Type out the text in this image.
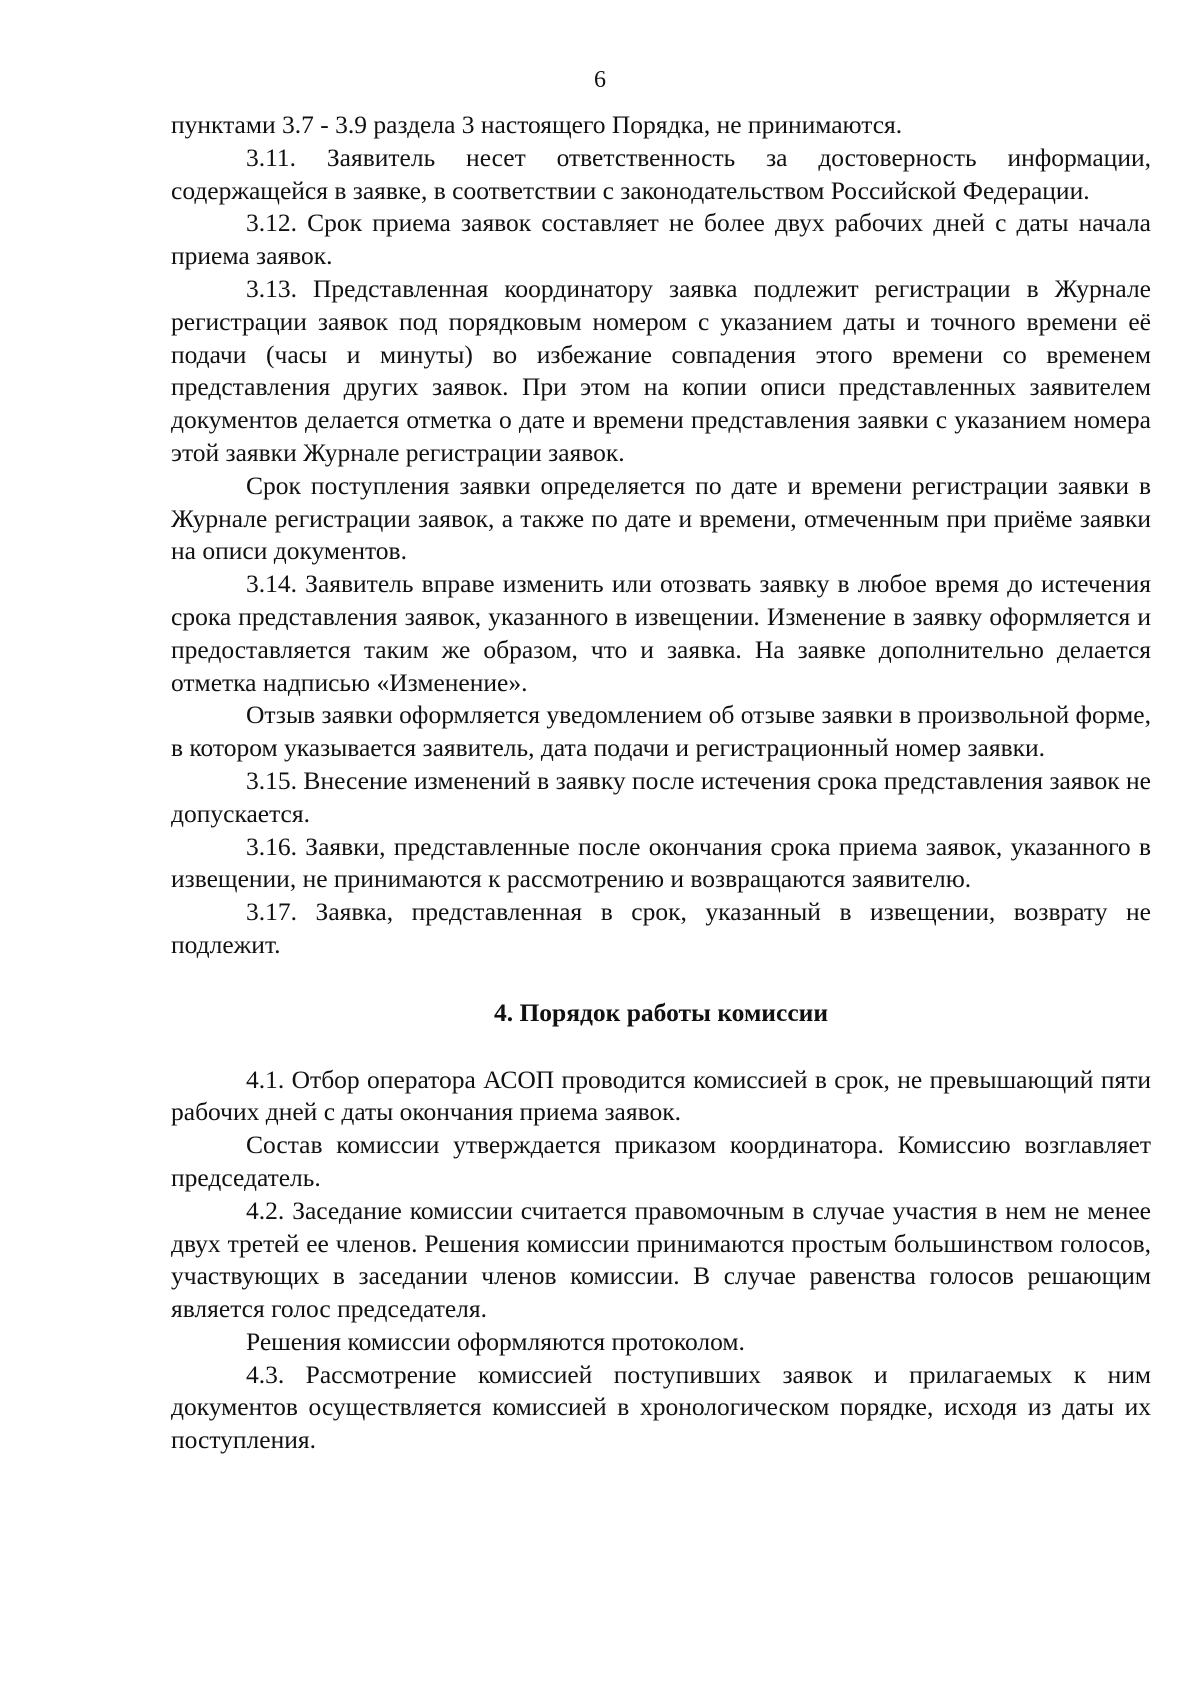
6

пунктами 3.7 - 3.9 раздела 3 настоящего Порядка, не принимаются.

3.11. Заявитель несет ответственность за достоверность информации, содержащейся в заявке, в соответствии с законодательством Российской Федерации.

3.12. Срок приема заявок составляет не более двух рабочих дней с даты начала приема заявок.

3.13. Представленная координатору заявка подлежит регистрации в Журнале регистрации заявок под порядковым номером с указанием даты и точного времени её подачи (часы и минуты) во избежание совпадения этого времени со временем представления других заявок. При этом на копии описи представленных заявителем документов делается отметка о дате и времени представления заявки с указанием номера этой заявки Журнале регистрации заявок.

Срок поступления заявки определяется по дате и времени регистрации заявки в Журнале регистрации заявок, а также по дате и времени, отмеченным при приёме заявки на описи документов.

3.14. Заявитель вправе изменить или отозвать заявку в любое время до истечения срока представления заявок, указанного в извещении. Изменение в заявку оформляется и предоставляется таким же образом, что и заявка. На заявке дополнительно делается отметка надписью «Изменение».

Отзыв заявки оформляется уведомлением об отзыве заявки в произвольной форме, в котором указывается заявитель, дата подачи и регистрационный номер заявки.

3.15. Внесение изменений в заявку после истечения срока представления заявок не допускается.

3.16. Заявки, представленные после окончания срока приема заявок, указанного в извещении, не принимаются к рассмотрению и возвращаются заявителю.

3.17. Заявка, представленная в срок, указанный в извещении, возврату не подлежит.

4. Порядок работы комиссии

4.1. Отбор оператора АСОП проводится комиссией в срок, не превышающий пяти рабочих дней с даты окончания приема заявок.

Состав комиссии утверждается приказом координатора. Комиссию возглавляет председатель.

4.2. Заседание комиссии считается правомочным в случае участия в нем не менее двух третей ее членов. Решения комиссии принимаются простым большинством голосов, участвующих в заседании членов комиссии. В случае равенства голосов решающим является голос председателя.

Решения комиссии оформляются протоколом.

4.3. Рассмотрение комиссией поступивших заявок и прилагаемых к ним документов осуществляется комиссией в хронологическом порядке, исходя из даты их поступления.
